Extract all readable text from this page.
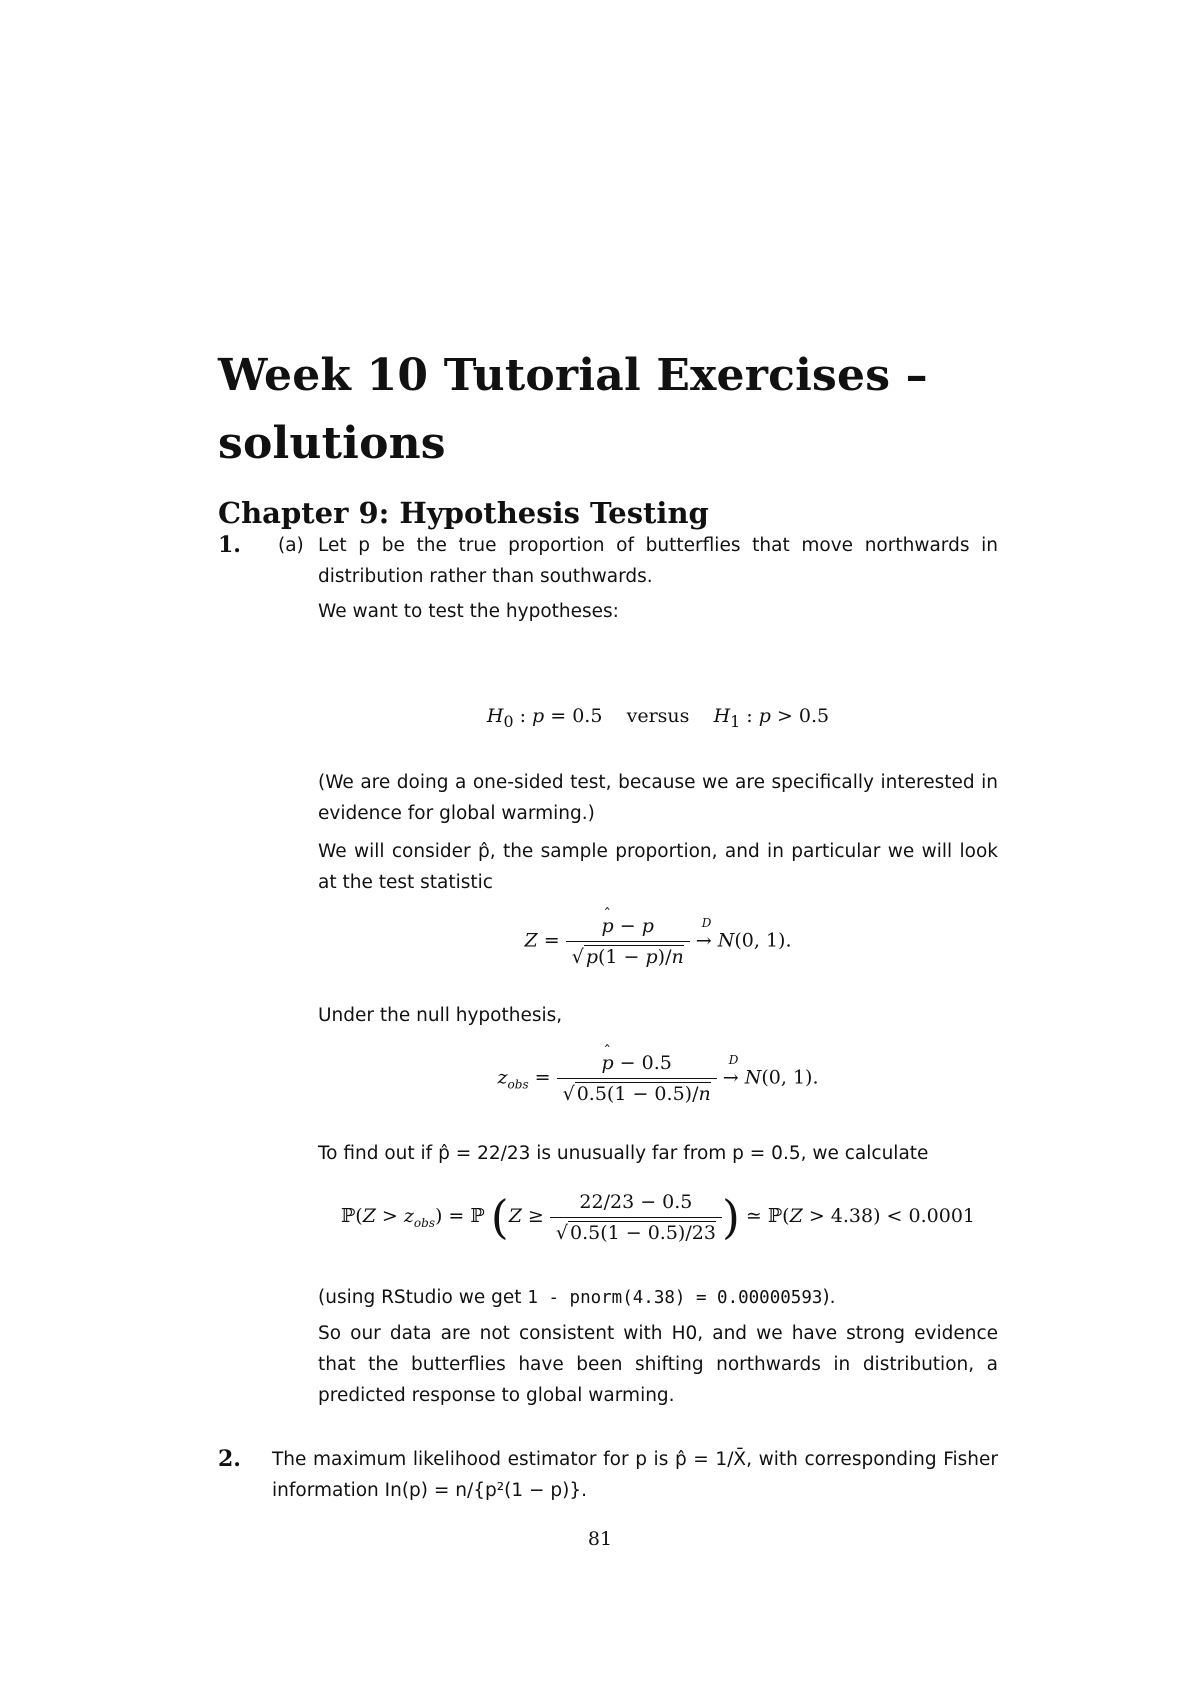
Week 10 Tutorial Exercises – solutions
Chapter 9: Hypothesis Testing
1. (a) Let p be the true proportion of butterflies that move northwards in distribution rather than southwards.
We want to test the hypotheses:
$H_0$ : p = 0.5    versus    $H_1$ : p > 0.5
(We are doing a one-sided test, because we are specifically interested in evidence for global warming.)
We will consider p̂, the sample proportion, and in particular we will look at the test statistic
Z = ˆ $\frac{p - p}{√ p(1 - p)/n}$ →
D
N(0, 1).
Under the null hypothesis,
$z_{obs}$ = ˆ $\frac{p - 0.5}{√ 0.5(1 - 0.5)/n}$ →
D
N(0, 1).
To find out if p̂ = 22/23 is unusually far from p = 0.5, we calculate
ℙ(Z > $z_{obs}$) = ℙ ($Z \ge \frac{22/23 - 0.5}{√ 0.5(1 - 0.5)/23}$ ) ≃ ℙ(Z > 4.38) < 0.0001
(using RStudio we get 1 - pnorm(4.38) = 0.00000593).
So our data are not consistent with H0, and we have strong evidence that the butterflies have been shifting northwards in distribution, a predicted response to global warming.
2. The maximum likelihood estimator for p is p̂ = 1/X̄, with corresponding Fisher information In(p) = n/{p²(1 − p)}.
81
